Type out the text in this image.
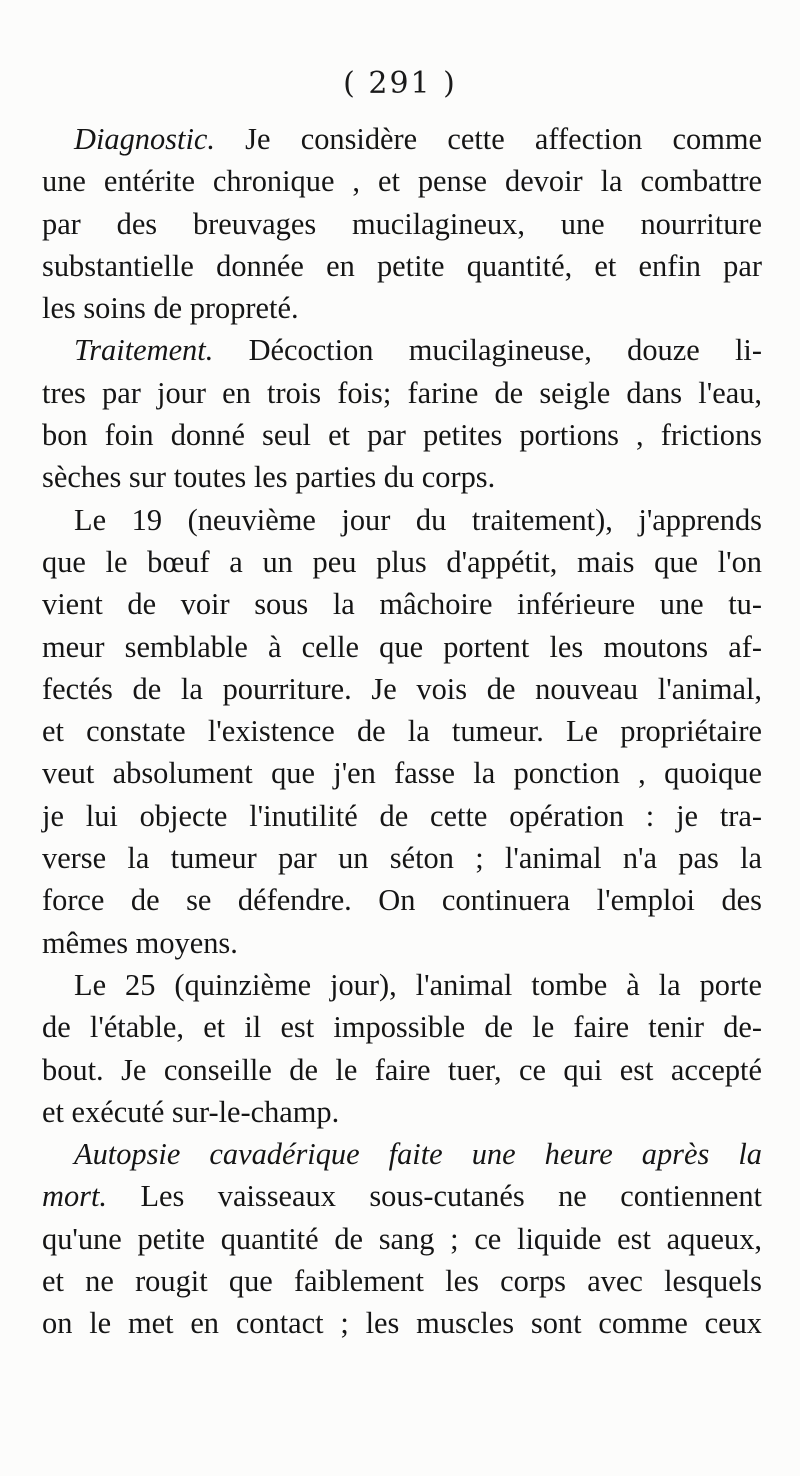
( 291 )
Diagnostic. Je considère cette affection comme
une entérite chronique , et pense devoir la combattre
par des breuvages mucilagineux, une nourriture
substantielle donnée en petite quantité, et enfin par
les soins de propreté.
Traitement. Décoction mucilagineuse, douze li-
tres par jour en trois fois; farine de seigle dans l'eau,
bon foin donné seul et par petites portions , frictions
sèches sur toutes les parties du corps.
Le 19 (neuvième jour du traitement), j'apprends
que le bœuf a un peu plus d'appétit, mais que l'on
vient de voir sous la mâchoire inférieure une tu-
meur semblable à celle que portent les moutons af-
fectés de la pourriture. Je vois de nouveau l'animal,
et constate l'existence de la tumeur. Le propriétaire
veut absolument que j'en fasse la ponction , quoique
je lui objecte l'inutilité de cette opération : je tra-
verse la tumeur par un séton ; l'animal n'a pas la
force de se défendre. On continuera l'emploi des
mêmes moyens.
Le 25 (quinzième jour), l'animal tombe à la porte
de l'étable, et il est impossible de le faire tenir de-
bout. Je conseille de le faire tuer, ce qui est accepté
et exécuté sur-le-champ.
Autopsie cavadérique faite une heure après la
mort. Les vaisseaux sous-cutanés ne contiennent
qu'une petite quantité de sang ; ce liquide est aqueux,
et ne rougit que faiblement les corps avec lesquels
on le met en contact ; les muscles sont comme ceux
